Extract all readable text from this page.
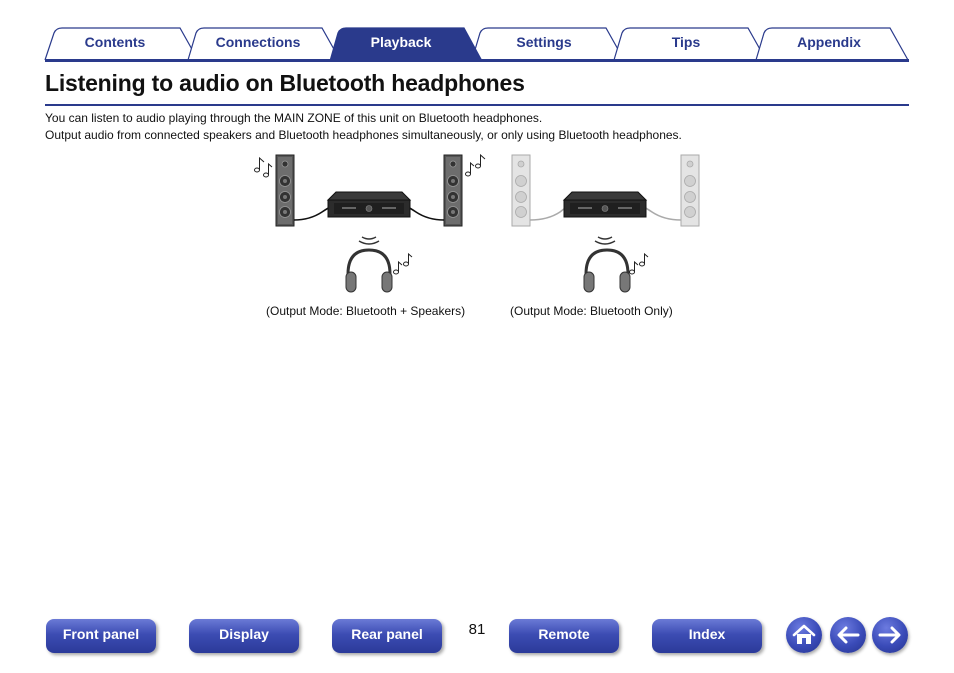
Contents	Connections	Playback	Settings	Tips	Appendix
Listening to audio on Bluetooth headphones

You can listen to audio playing through the MAIN ZONE of this unit on Bluetooth headphones.

Output audio from connected speakers and Bluetooth headphones simultaneously, or only using Bluetooth headphones.

(Output Mode: Bluetooth + Speakers)	(Output Mode: Bluetooth Only)
Front panel	Display	Rear panel	81	Remote	Index
